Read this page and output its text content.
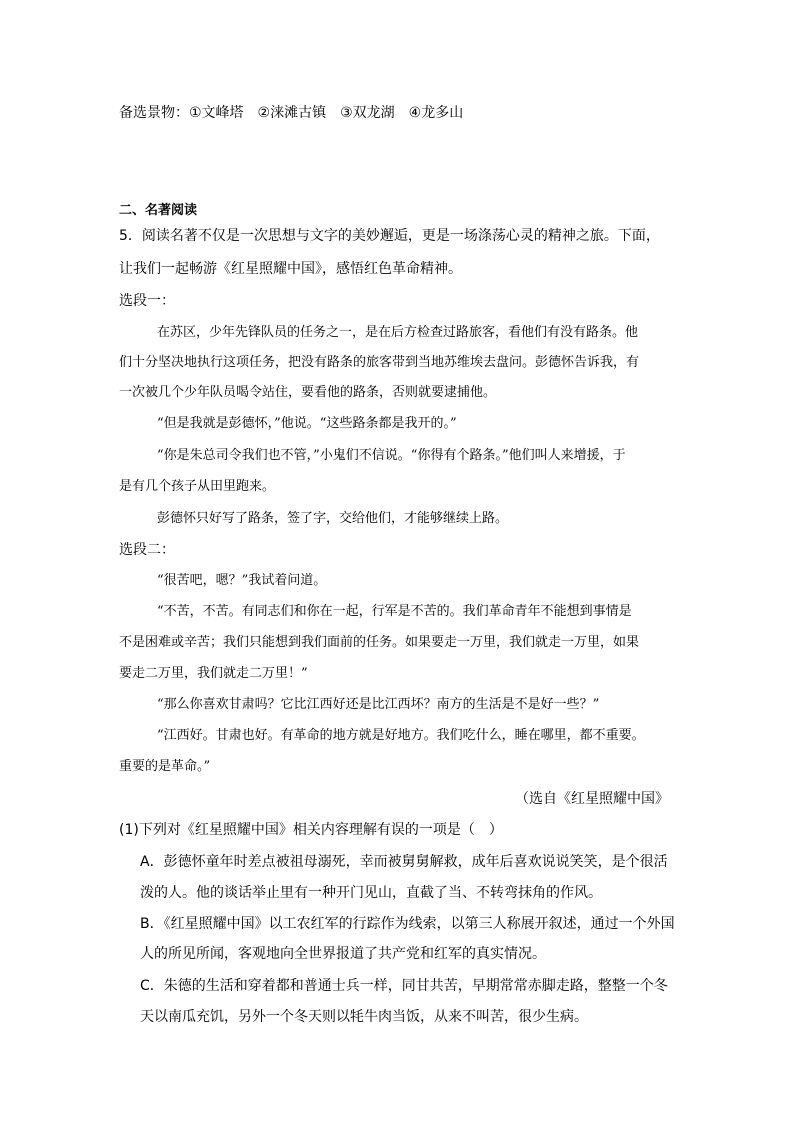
备选景物：①文峰塔　②涞滩古镇　③双龙湖　④龙多山
二、名著阅读
5．阅读名著不仅是一次思想与文字的美妙邂逅，更是一场涤荡心灵的精神之旅。下面，
让我们一起畅游《红星照耀中国》，感悟红色革命精神。
选段一：
在苏区，少年先锋队员的任务之一，是在后方检查过路旅客，看他们有没有路条。他
们十分坚决地执行这项任务，把没有路条的旅客带到当地苏维埃去盘问。彭德怀告诉我，有
一次被几个少年队员喝令站住，要看他的路条，否则就要逮捕他。
“但是我就是彭德怀，”他说。“这些路条都是我开的。”
“你是朱总司令我们也不管，”小鬼们不信说。“你得有个路条。”他们叫人来增援，于
是有几个孩子从田里跑来。
彭德怀只好写了路条，签了字，交给他们，才能够继续上路。
选段二：
“很苦吧，嗯？”我试着问道。
“不苦，不苦。有同志们和你在一起，行军是不苦的。我们革命青年不能想到事情是
不是困难或辛苦；我们只能想到我们面前的任务。如果要走一万里，我们就走一万里，如果
要走二万里，我们就走二万里！”
“那么你喜欢甘肃吗？它比江西好还是比江西坏？南方的生活是不是好一些？”
“江西好。甘肃也好。有革命的地方就是好地方。我们吃什么，睡在哪里，都不重要。
重要的是革命。”
（选自《红星照耀中国》
(1)下列对《红星照耀中国》相关内容理解有误的一项是（　）
A．彭德怀童年时差点被祖母溺死，幸而被舅舅解救，成年后喜欢说说笑笑，是个很活
泼的人。他的谈话举止里有一种开门见山，直截了当、不转弯抹角的作风。
B．《红星照耀中国》以工农红军的行踪作为线索，以第三人称展开叙述，通过一个外国
人的所见所闻，客观地向全世界报道了共产党和红军的真实情况。
C．朱德的生活和穿着都和普通士兵一样，同甘共苦，早期常常赤脚走路，整整一个冬
天以南瓜充饥，另外一个冬天则以牦牛肉当饭，从来不叫苦，很少生病。
